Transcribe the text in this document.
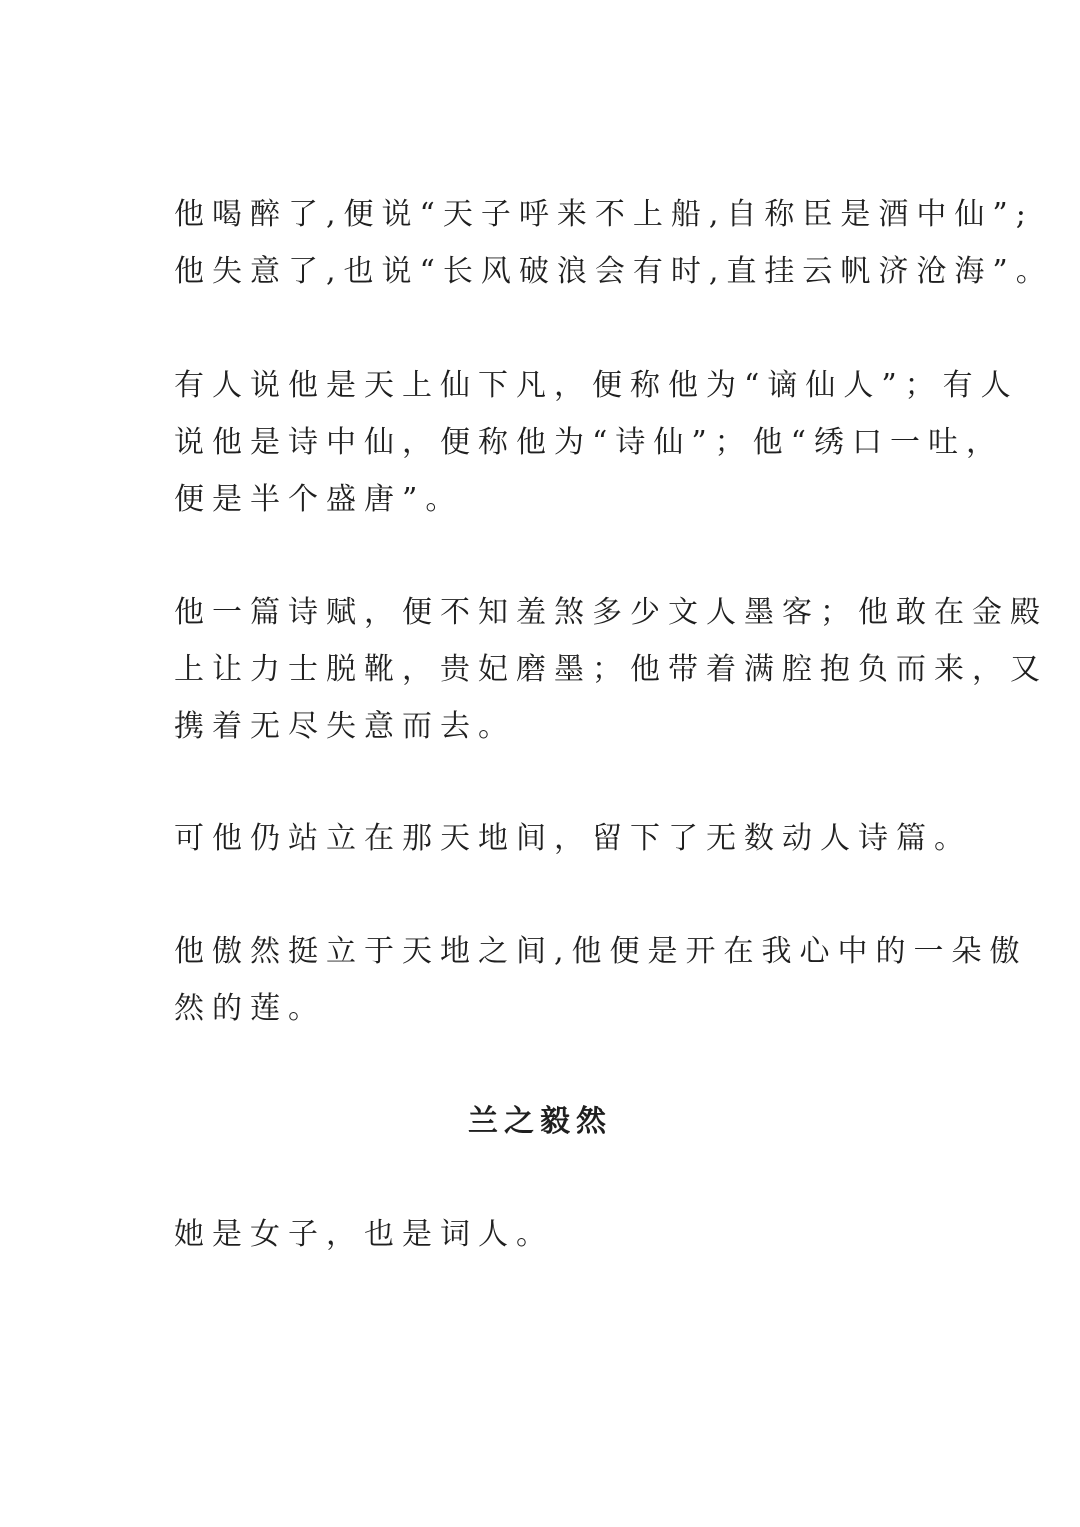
他喝醉了,便说“天子呼来不上船,自称臣是酒中仙”;
他失意了,也说“长风破浪会有时,直挂云帆济沧海”。
有人说他是天上仙下凡，便称他为“谪仙人”；有人
说他是诗中仙，便称他为“诗仙”；他“绣口一吐，
便是半个盛唐”。
他一篇诗赋，便不知羞煞多少文人墨客；他敢在金殿
上让力士脱靴，贵妃磨墨；他带着满腔抱负而来，又
携着无尽失意而去。
可他仍站立在那天地间，留下了无数动人诗篇。
他傲然挺立于天地之间,他便是开在我心中的一朵傲
然的莲。
兰之毅然
她是女子，也是词人。
